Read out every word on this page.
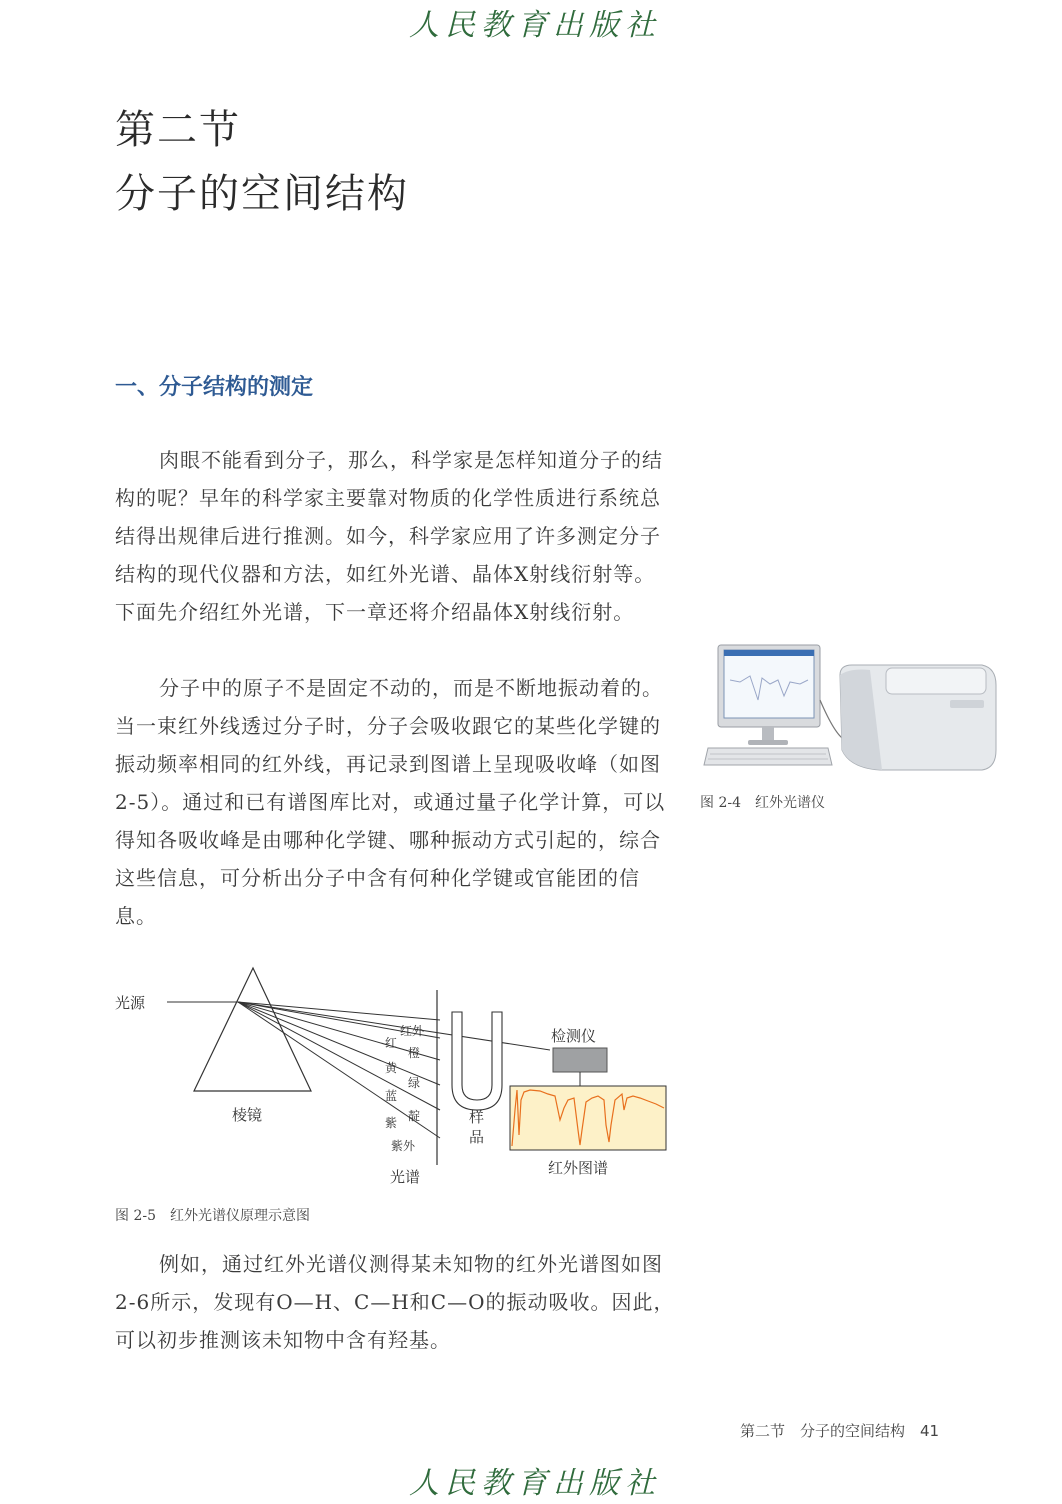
人民教育出版社
第二节
分子的空间结构
一、分子结构的测定

肉眼不能看到分子，那么，科学家是怎样知道分子的结构的呢？早年的科学家主要靠对物质的化学性质进行系统总结得出规律后进行推测。如今，科学家应用了许多测定分子结构的现代仪器和方法，如红外光谱、晶体X射线衍射等。下面先介绍红外光谱，下一章还将介绍晶体X射线衍射。

分子中的原子不是固定不动的，而是不断地振动着的。当一束红外线透过分子时，分子会吸收跟它的某些化学键的振动频率相同的红外线，再记录到图谱上呈现吸收峰（如图2-5）。通过和已有谱图库比对，或通过量子化学计算，可以得知各吸收峰是由哪种化学键、哪种振动方式引起的，综合这些信息，可分析出分子中含有何种化学键或官能团的信息。

图 2-4　红外光谱仪
光源
棱镜
光谱
红外
红
橙
黄
绿
蓝
靛
紫
紫外
样
品
检测仪
红外图谱
图 2-5　红外光谱仪原理示意图

例如，通过红外光谱仪测得某未知物的红外光谱图如图2-6所示，发现有O—H、C—H和C—O的振动吸收。因此，可以初步推测该未知物中含有羟基。

第二节　分子的空间结构　41
人民教育出版社
